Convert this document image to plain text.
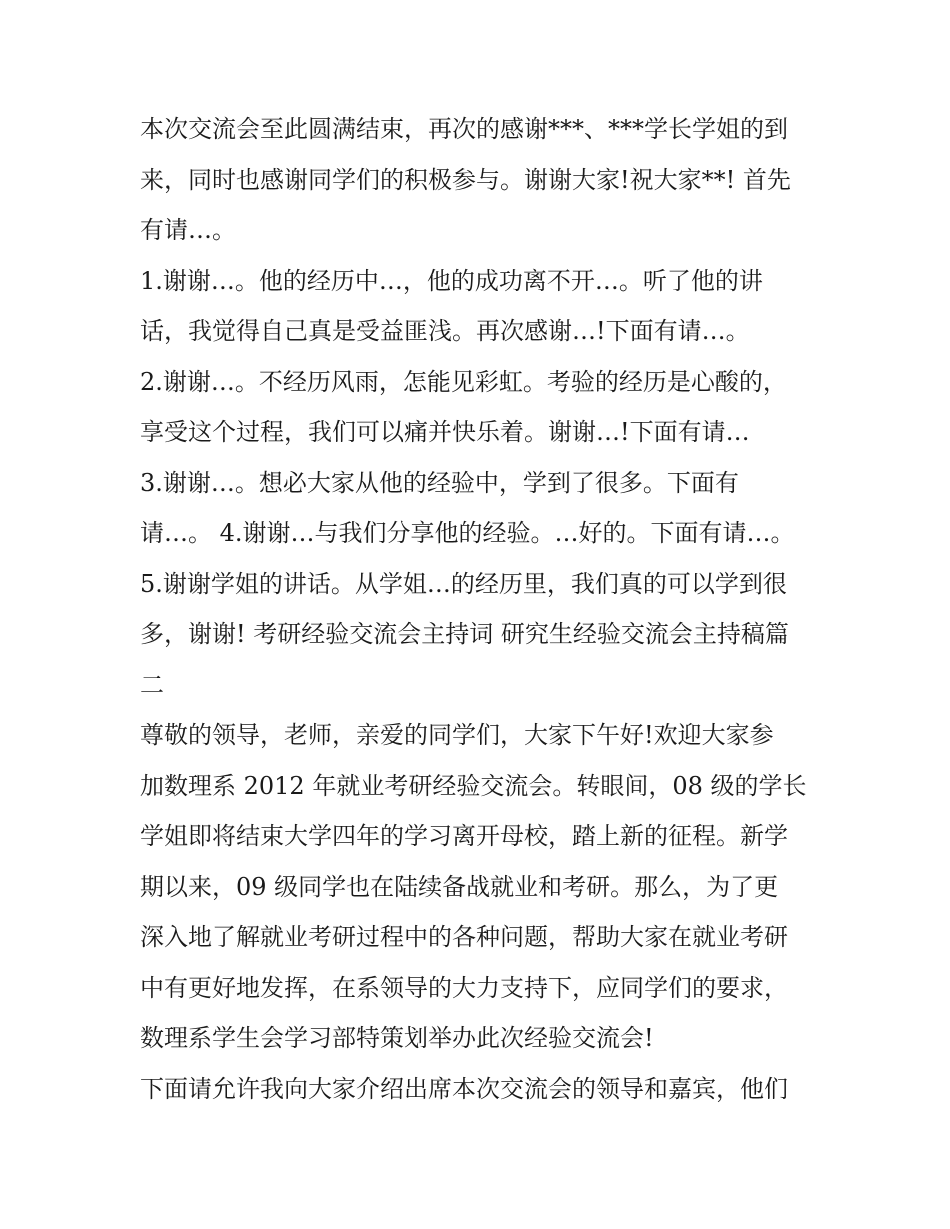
本次交流会至此圆满结束，再次的感谢***、***学长学姐的到
来，同时也感谢同学们的积极参与。谢谢大家!祝大家**! 首先
有请…。
1.谢谢…。他的经历中…，他的成功离不开…。听了他的讲
话，我觉得自己真是受益匪浅。再次感谢…!下面有请…。
2.谢谢…。不经历风雨，怎能见彩虹。考验的经历是心酸的，
享受这个过程，我们可以痛并快乐着。谢谢…!下面有请…
3.谢谢…。想必大家从他的经验中，学到了很多。下面有
请…。 4.谢谢…与我们分享他的经验。…好的。下面有请…。
5.谢谢学姐的讲话。从学姐…的经历里，我们真的可以学到很
多，谢谢! 考研经验交流会主持词 研究生经验交流会主持稿篇
二
尊敬的领导，老师，亲爱的同学们，大家下午好!欢迎大家参
加数理系 2012 年就业考研经验交流会。转眼间，08 级的学长
学姐即将结束大学四年的学习离开母校，踏上新的征程。新学
期以来，09 级同学也在陆续备战就业和考研。那么，为了更
深入地了解就业考研过程中的各种问题，帮助大家在就业考研
中有更好地发挥，在系领导的大力支持下，应同学们的要求，
数理系学生会学习部特策划举办此次经验交流会!
下面请允许我向大家介绍出席本次交流会的领导和嘉宾，他们
